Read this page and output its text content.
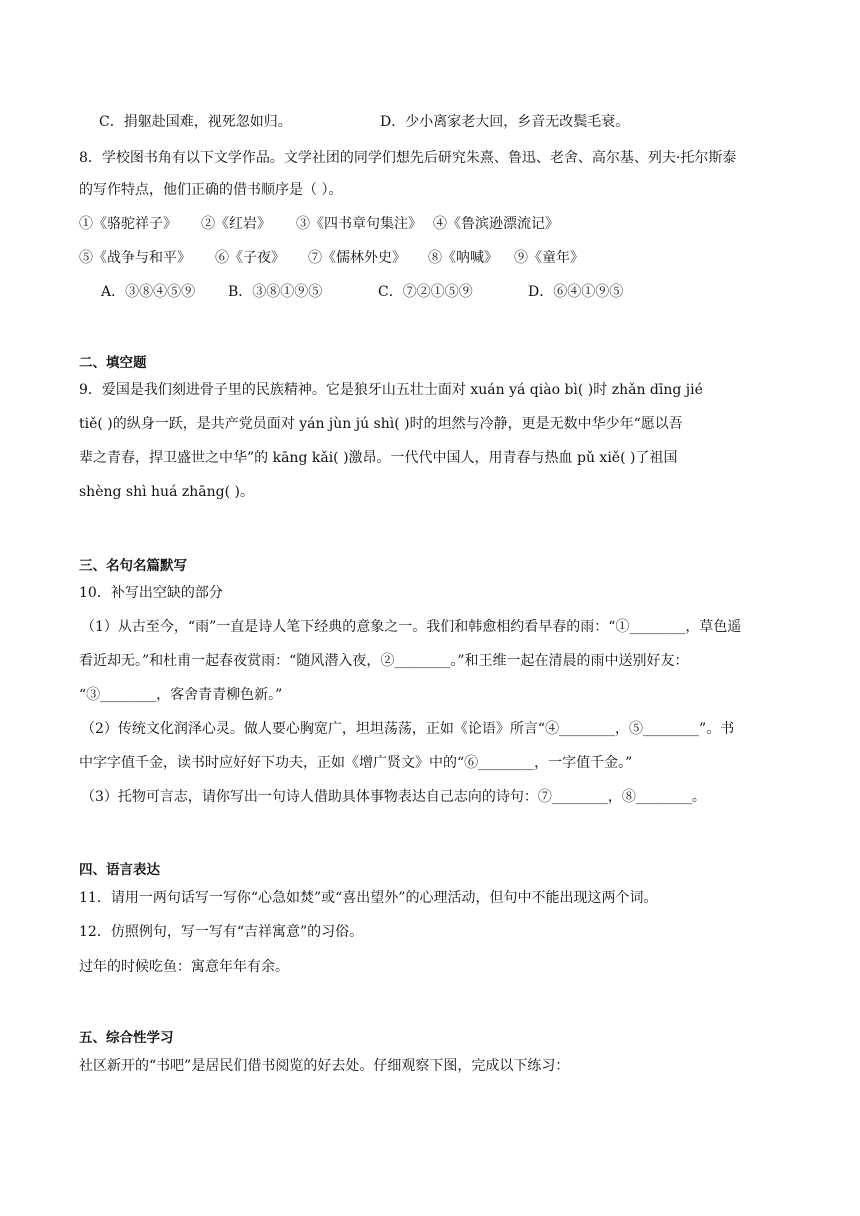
C．捐躯赴国难，视死忽如归。	D．少小离家老大回，乡音无改鬓毛衰。
8．学校图书角有以下文学作品。文学社团的同学们想先后研究朱熹、鲁迅、老舍、高尔基、列夫·托尔斯泰
的写作特点，他们正确的借书顺序是（ ）。
①《骆驼祥子》 ②《红岩》 ③《四书章句集注》 ④《鲁滨逊漂流记》
⑤《战争与和平》 ⑥《子夜》 ⑦《儒林外史》 ⑧《呐喊》 ⑨《童年》
A．③⑧④⑤⑨ B．③⑧①⑨⑤	C．⑦②①⑤⑨	D．⑥④①⑨⑤
二、填空题
9．爱国是我们刻进骨子里的民族精神。它是狼牙山五壮士面对 xuán yá qiào bì( )时 zhǎn dīng jié
tiě( )的纵身一跃，是共产党员面对 yán jùn jú shì( )时的坦然与冷静，更是无数中华少年“愿以吾
辈之青春，捍卫盛世之中华”的 kāng kǎi( )激昂。一代代中国人，用青春与热血 pǔ xiě( )了祖国
shèng shì huá zhāng( )。
三、名句名篇默写
10．补写出空缺的部分
（1）从古至今，“雨”一直是诗人笔下经典的意象之一。我们和韩愈相约看早春的雨：“①________，草色遥
看近却无。”和杜甫一起春夜赏雨：“随风潜入夜，②________。”和王维一起在清晨的雨中送别好友：
“③________，客舍青青柳色新。”
（2）传统文化润泽心灵。做人要心胸宽广，坦坦荡荡，正如《论语》所言“④________，⑤________”。书
中字字值千金，读书时应好好下功夫，正如《增广贤文》中的“⑥________，一字值千金。”
（3）托物可言志，请你写出一句诗人借助具体事物表达自己志向的诗句：⑦________，⑧________。
四、语言表达
11．请用一两句话写一写你“心急如焚”或“喜出望外”的心理活动，但句中不能出现这两个词。
12．仿照例句，写一写有“吉祥寓意”的习俗。
过年的时候吃鱼：寓意年年有余。
五、综合性学习
社区新开的“书吧”是居民们借书阅览的好去处。仔细观察下图，完成以下练习：
